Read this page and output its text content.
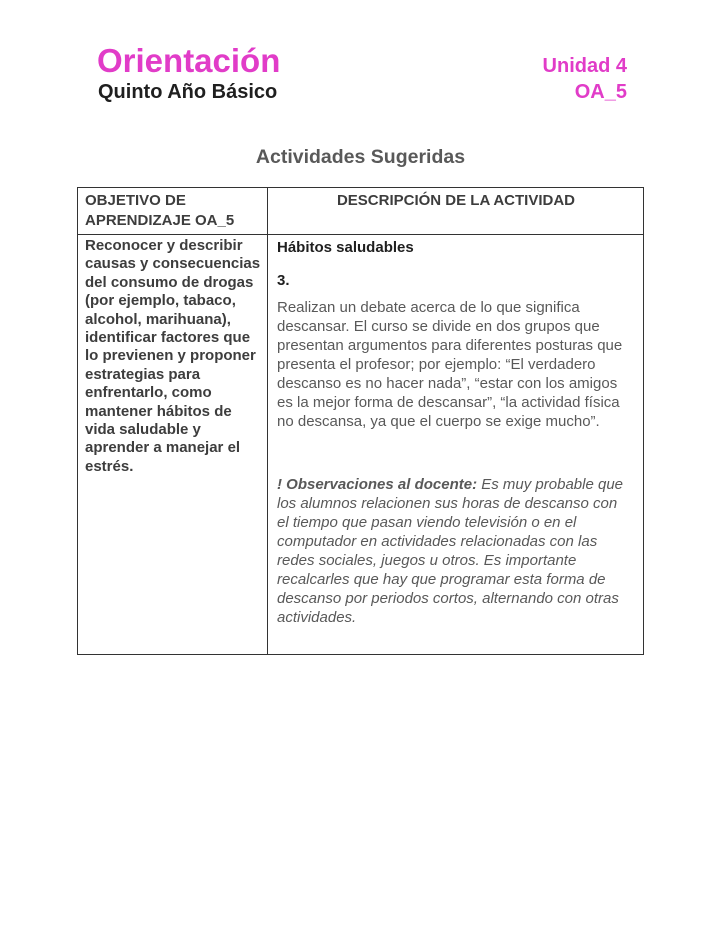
Orientación
Quinto Año Básico
Unidad 4
OA_5
Actividades Sugeridas
OBJETIVO DE APRENDIZAJE OA_5
DESCRIPCIÓN DE LA ACTIVIDAD

Reconocer y describir causas y consecuencias del consumo de drogas (por ejemplo, tabaco, alcohol, marihuana), identificar factores que lo previenen y proponer estrategias para enfrentarlo, como mantener hábitos de vida saludable y aprender a manejar el estrés.

Hábitos saludables

3.

Realizan un debate acerca de lo que significa descansar. El curso se divide en dos grupos que presentan argumentos para diferentes posturas que presenta el profesor; por ejemplo: “El verdadero descanso es no hacer nada”, “estar con los amigos es la mejor forma de descansar”, “la actividad física no descansa, ya que el cuerpo se exige mucho”.

! Observaciones al docente: Es muy probable que los alumnos relacionen sus horas de descanso con el tiempo que pasan viendo televisión o en el computador en actividades relacionadas con las redes sociales, juegos u otros. Es importante recalcarles que hay que programar esta forma de descanso por periodos cortos, alternando con otras actividades.
